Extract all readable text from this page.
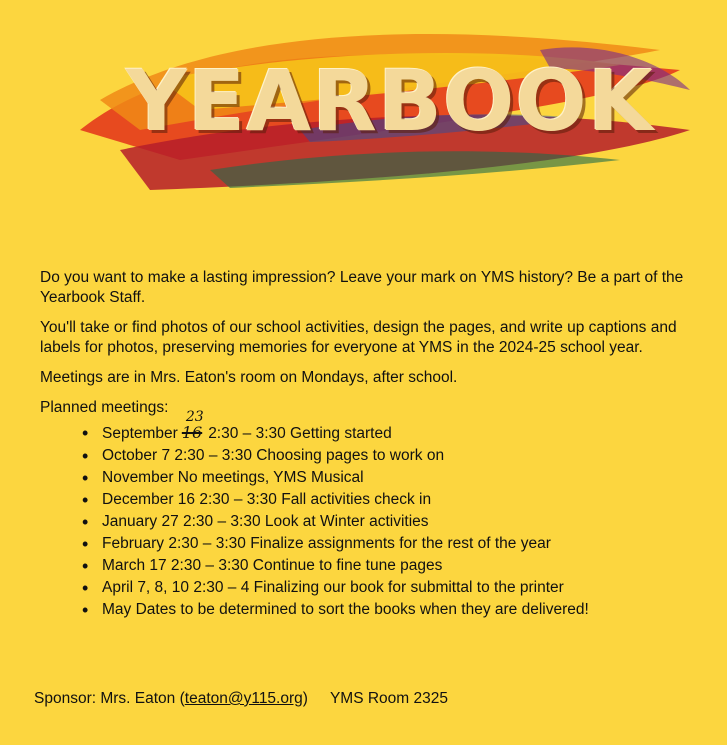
YEARBOOK

Do you want to make a lasting impression? Leave your mark on YMS history? Be a part of the Yearbook Staff.

You'll take or find photos of our school activities, design the pages, and write up captions and labels for photos, preserving memories for everyone at YMS in the 2024-25 school year.

Meetings are in Mrs. Eaton's room on Mondays, after school.

Planned meetings:

• September 16
23
2:30 – 3:30 Getting started
• October 7 2:30 – 3:30 Choosing pages to work on
• November No meetings, YMS Musical
• December 16 2:30 – 3:30 Fall activities check in
• January 27 2:30 – 3:30 Look at Winter activities
• February 2:30 – 3:30 Finalize assignments for the rest of the year
• March 17 2:30 – 3:30 Continue to fine tune pages
• April 7, 8, 10 2:30 – 4 Finalizing our book for submittal to the printer
• May Dates to be determined to sort the books when they are delivered!
Sponsor: Mrs. Eaton (teaton@y115.org) YMS Room 2325
